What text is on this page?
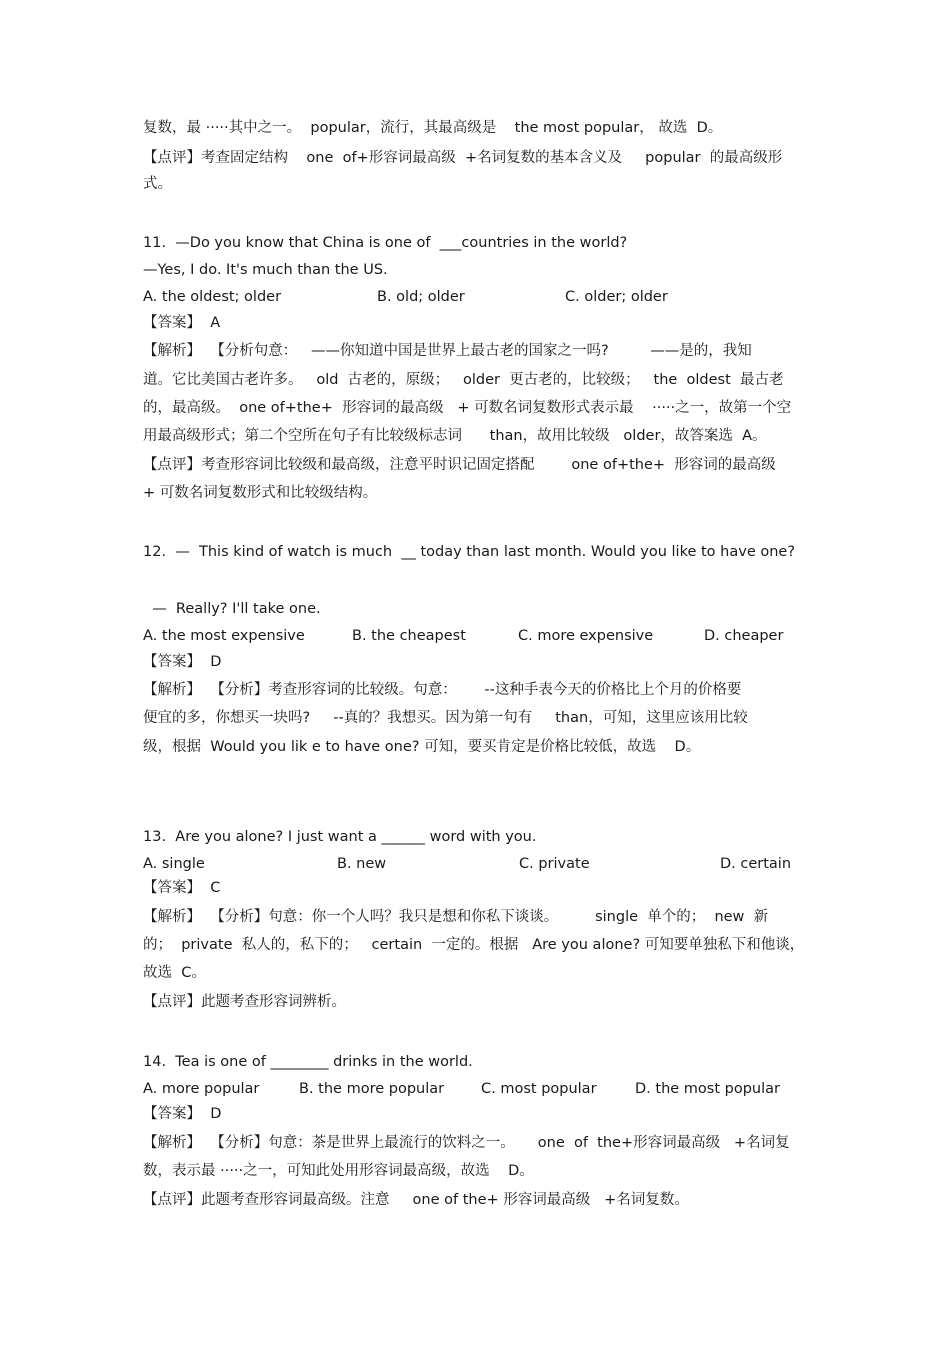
复数，最 ·····其中之一。  popular，流行，其最高级是    the most popular， 故选  D。
【点评】考查固定结构    one  of+形容词最高级  +名词复数的基本含义及     popular  的最高级形
式。
11.  —Do you know that China is one of  ___countries in the world?
—Yes, I do. It's much than the US.
A. the oldest; older	B. old; older	C. older; older
【答案】  A
【解析】  【分析句意：   ——你知道中国是世界上最古老的国家之一吗?         ——是的，我知
道。它比美国古老许多。   old  古老的，原级；   older  更古老的，比较级；   the  oldest  最古老
的，最高级。  one of+the+  形容词的最高级   + 可数名词复数形式表示最    ·····之一，故第一个空
用最高级形式；第二个空所在句子有比较级标志词      than，故用比较级   older，故答案选  A。
【点评】考查形容词比较级和最高级，注意平时识记固定搭配        one of+the+  形容词的最高级
+ 可数名词复数形式和比较级结构。
12.  —  This kind of watch is much  __ today than last month. Would you like to have one?
—  Really? I'll take one.
A. the most expensive	B. the cheapest	C. more expensive	D. cheaper
【答案】  D
【解析】  【分析】考查形容词的比较级。句意：      --这种手表今天的价格比上个月的价格要
便宜的多，你想买一块吗?     --真的？我想买。因为第一句有     than，可知，这里应该用比较
级，根据  Would you lik e to have one? 可知，要买肯定是价格比较低，故选    D。
13.  Are you alone? I just want a ______ word with you.
A. single	B. new	C. private	D. certain
【答案】  C
【解析】  【分析】句意：你一个人吗？我只是想和你私下谈谈。        single  单个的；  new  新
的；  private  私人的，私下的；   certain  一定的。根据   Are you alone? 可知要单独私下和他谈，
故选  C。
【点评】此题考查形容词辨析。
14.  Tea is one of ________ drinks in the world.
A. more popular	B. the more popular	C. most popular	D. the most popular
【答案】  D
【解析】  【分析】句意：茶是世界上最流行的饮料之一。     one  of  the+形容词最高级   +名词复
数，表示最 ·····之一，可知此处用形容词最高级，故选    D。
【点评】此题考查形容词最高级。注意     one of the+ 形容词最高级   +名词复数。
